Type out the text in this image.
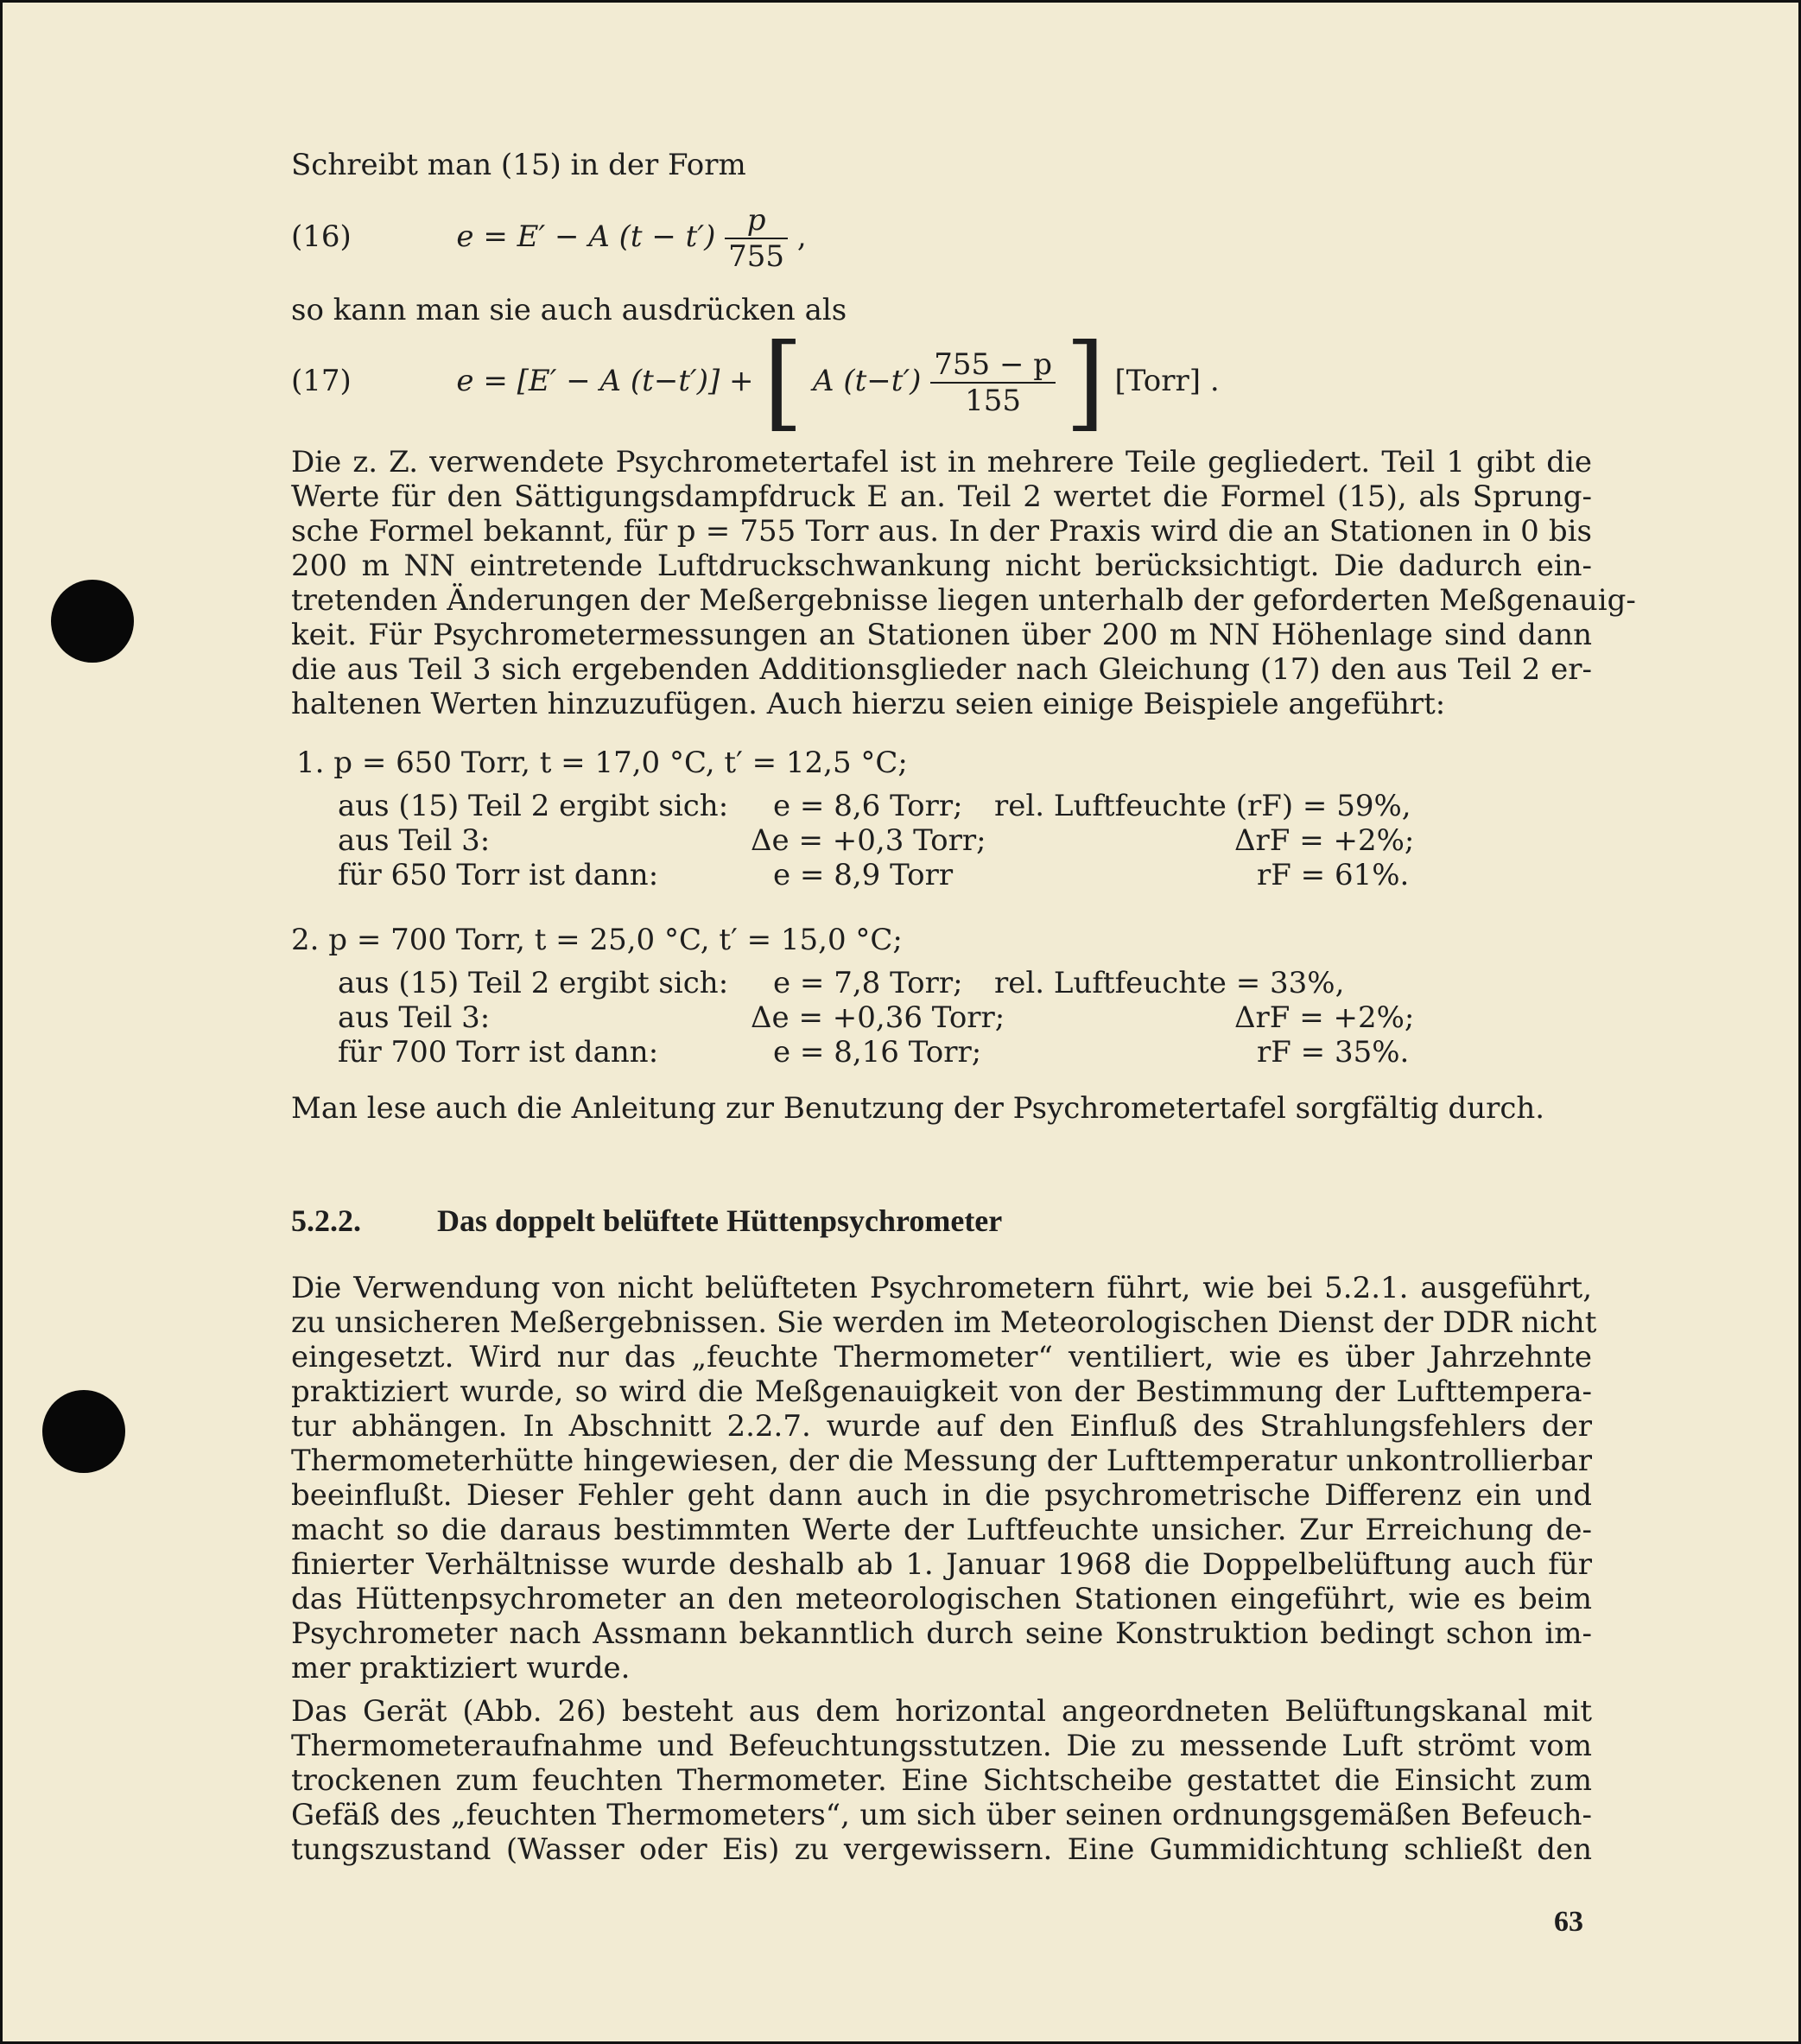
Schreibt man (15) in der Form
(16)	e = E′ − A $(t - t') \frac{p}{755}$ ,
so kann man sie auch ausdrücken als
(17)	e = [E′ − A (t−t′)] + [ A $(t-t') \frac{755 - p}{155}$ ] [Torr] .
Die z. Z. verwendete Psychrometertafel ist in mehrere Teile gegliedert. Teil 1 gibt die
Werte für den Sättigungsdampfdruck E an. Teil 2 wertet die Formel (15), als Sprung-
sche Formel bekannt, für p = 755 Torr aus. In der Praxis wird die an Stationen in 0 bis
200 m NN eintretende Luftdruckschwankung nicht berücksichtigt. Die dadurch ein-
tretenden Änderungen der Meßergebnisse liegen unterhalb der geforderten Meßgenauig-
keit. Für Psychrometermessungen an Stationen über 200 m NN Höhenlage sind dann
die aus Teil 3 sich ergebenden Additionsglieder nach Gleichung (17) den aus Teil 2 er-
haltenen Werten hinzuzufügen. Auch hierzu seien einige Beispiele angeführt:
1. p = 650 Torr, t = 17,0 °C, t′ = 12,5 °C;
aus (15) Teil 2 ergibt sich: e = 8,6 Torr; rel. Luftfeuchte (rF) = 59%,
aus Teil 3:	Δe = +0,3 Torr;	ΔrF = +2%;
für 650 Torr ist dann:	e = 8,9 Torr	rF = 61%.
2. p = 700 Torr, t = 25,0 °C, t′ = 15,0 °C;
aus (15) Teil 2 ergibt sich: e = 7,8 Torr; rel. Luftfeuchte = 33%,
aus Teil 3:	Δe = +0,36 Torr;	ΔrF = +2%;
für 700 Torr ist dann:	e = 8,16 Torr;	rF = 35%.
Man lese auch die Anleitung zur Benutzung der Psychrometertafel sorgfältig durch.
5.2.2. Das doppelt belüftete Hüttenpsychrometer
Die Verwendung von nicht belüfteten Psychrometern führt, wie bei 5.2.1. ausgeführt,
zu unsicheren Meßergebnissen. Sie werden im Meteorologischen Dienst der DDR nicht
eingesetzt. Wird nur das „feuchte Thermometer“ ventiliert, wie es über Jahrzehnte
praktiziert wurde, so wird die Meßgenauigkeit von der Bestimmung der Lufttempera-
tur abhängen. In Abschnitt 2.2.7. wurde auf den Einfluß des Strahlungsfehlers der
Thermometerhütte hingewiesen, der die Messung der Lufttemperatur unkontrollierbar
beeinflußt. Dieser Fehler geht dann auch in die psychrometrische Differenz ein und
macht so die daraus bestimmten Werte der Luftfeuchte unsicher. Zur Erreichung de-
finierter Verhältnisse wurde deshalb ab 1. Januar 1968 die Doppelbelüftung auch für
das Hüttenpsychrometer an den meteorologischen Stationen eingeführt, wie es beim
Psychrometer nach Assmann bekanntlich durch seine Konstruktion bedingt schon im-
mer praktiziert wurde.
Das Gerät (Abb. 26) besteht aus dem horizontal angeordneten Belüftungskanal mit
Thermometeraufnahme und Befeuchtungsstutzen. Die zu messende Luft strömt vom
trockenen zum feuchten Thermometer. Eine Sichtscheibe gestattet die Einsicht zum
Gefäß des „feuchten Thermometers“, um sich über seinen ordnungsgemäßen Befeuch-
tungszustand (Wasser oder Eis) zu vergewissern. Eine Gummidichtung schließt den
63
